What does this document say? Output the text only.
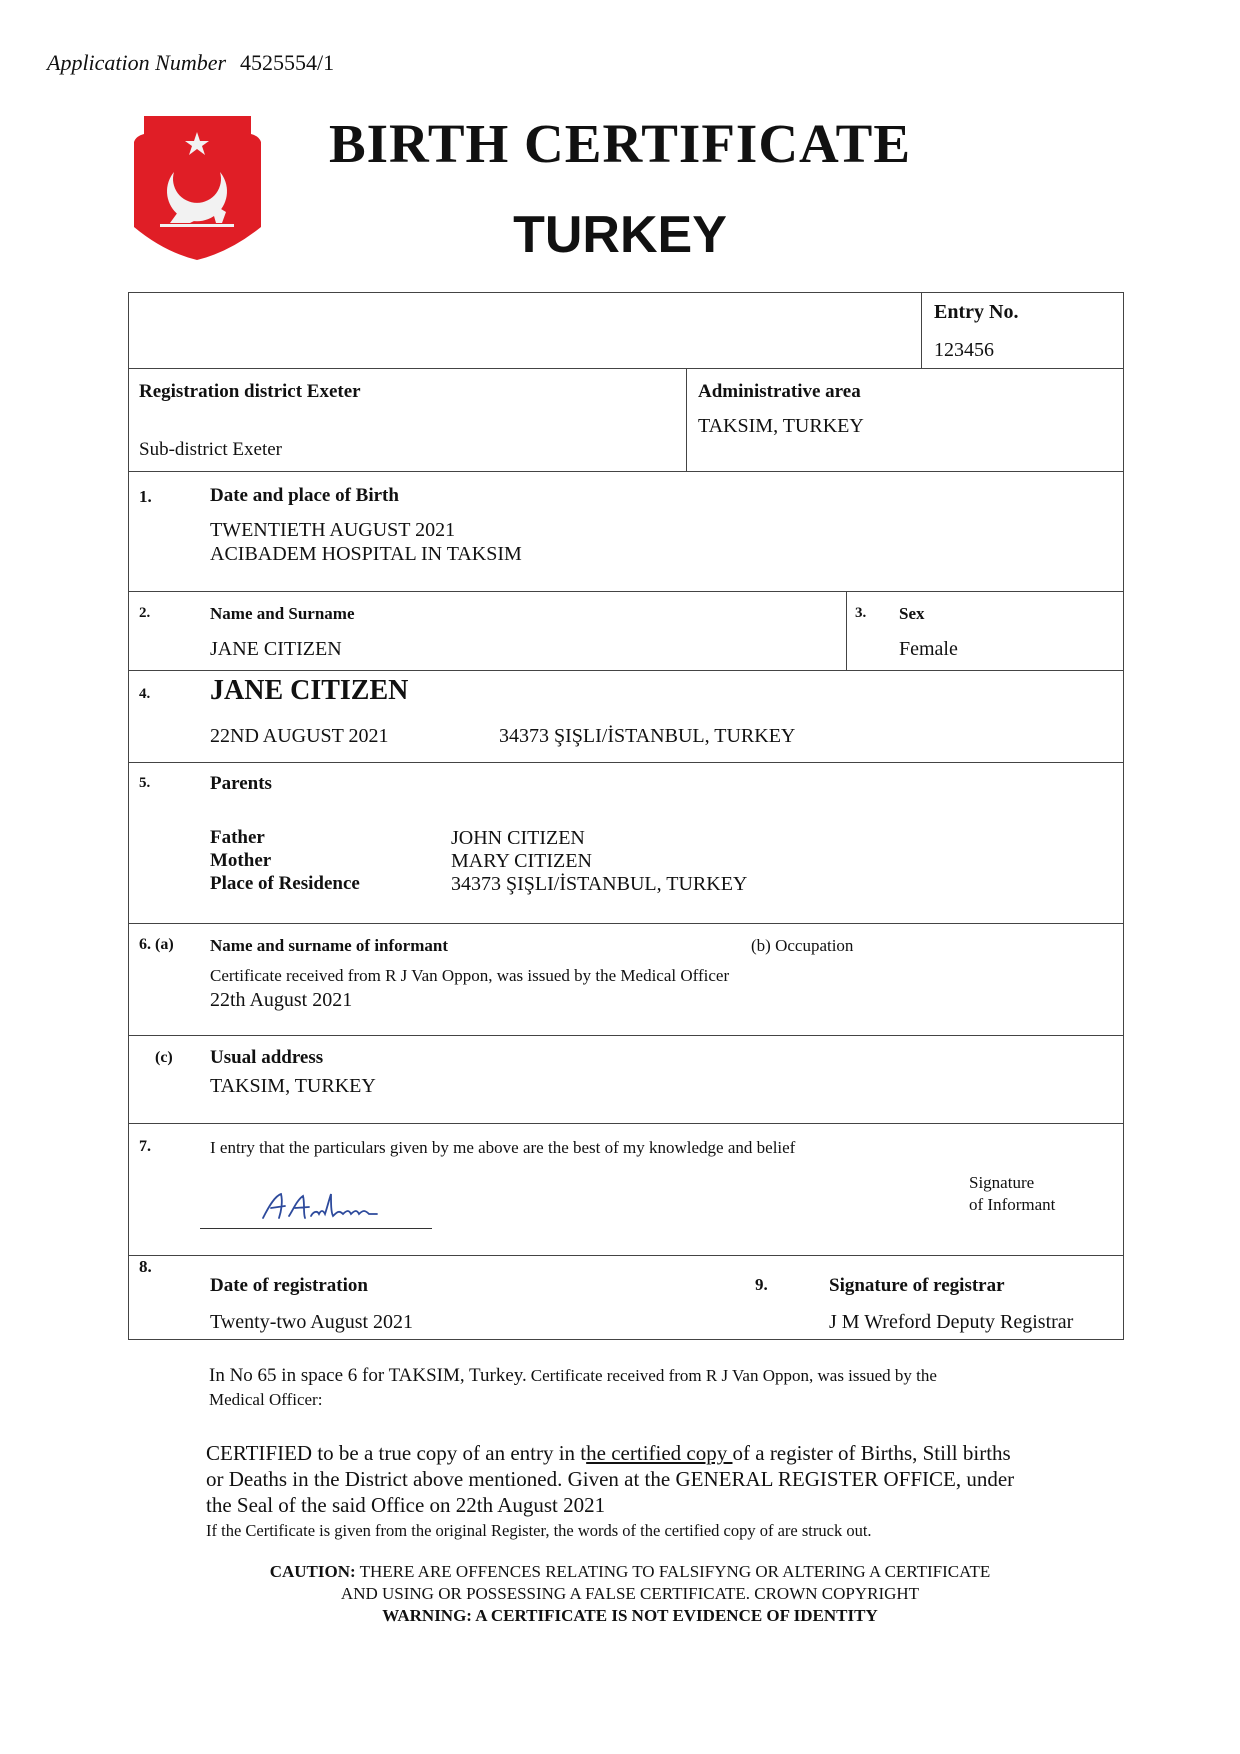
Application Number 4525554/1
BIRTH CERTIFICATE
TURKEY
Entry No.
123456
Registration district Exeter
Sub-district Exeter
Administrative area
TAKSIM, TURKEY
1.	Date and place of Birth
TWENTIETH AUGUST 2021
ACIBADEM HOSPITAL IN TAKSIM
2.	Name and Surname
JANE CITIZEN
3. Sex
Female
4. JANE CITIZEN
22ND AUGUST 2021	34373 ŞIŞLI/İSTANBUL, TURKEY
5.	Parents
Father	JOHN CITIZEN
Mother	MARY CITIZEN
Place of Residence	34373 ŞIŞLI/İSTANBUL, TURKEY
6. (a) Name and surname of informant	(b) Occupation
Certificate received from R J Van Oppon, was issued by the Medical Officer
22th August 2021
(c) Usual address
TAKSIM, TURKEY
7.	I entry that the particulars given by me above are the best of my knowledge and belief
Signature
of Informant
8.
Date of registration
Twenty-two August 2021
9.	Signature of registrar
J M Wreford Deputy Registrar
In No 65 in space 6 for TAKSIM, Turkey. Certificate received from R J Van Oppon, was issued by the
Medical Officer:
CERTIFIED to be a true copy of an entry in the certified copy of a register of Births, Still births
or Deaths in the District above mentioned. Given at the GENERAL REGISTER OFFICE, under
the Seal of the said Office on 22th August 2021
If the Certificate is given from the original Register, the words of the certified copy of are struck out.
CAUTION: THERE ARE OFFENCES RELATING TO FALSIFYNG OR ALTERING A CERTIFICATE
AND USING OR POSSESSING A FALSE CERTIFICATE. CROWN COPYRIGHT
WARNING: A CERTIFICATE IS NOT EVIDENCE OF IDENTITY
